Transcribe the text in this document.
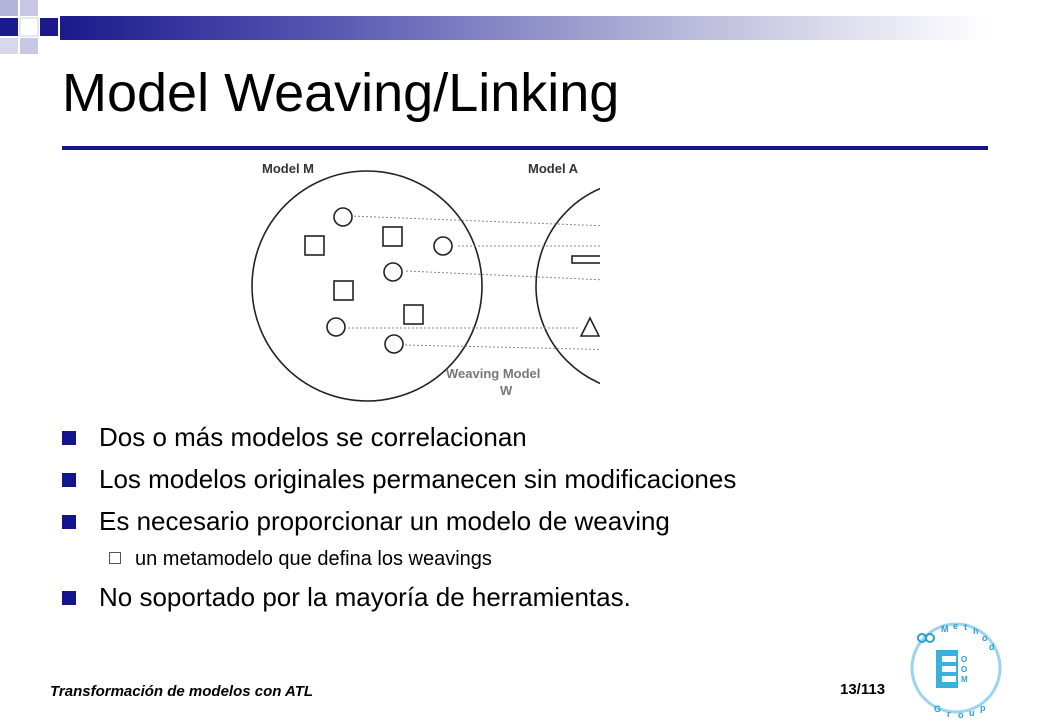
Model Weaving/Linking
Model M	Model A
Weaving Model
W
Dos o más modelos se correlacionan
Los modelos originales permanecen sin modificaciones
Es necesario proporcionar un modelo de weaving
un metamodelo que defina los weavings
No soportado por la mayoría de herramientas.
Transformación de modelos con ATL	13/113
M e t h
o
d
G r o u p
O
O
M
